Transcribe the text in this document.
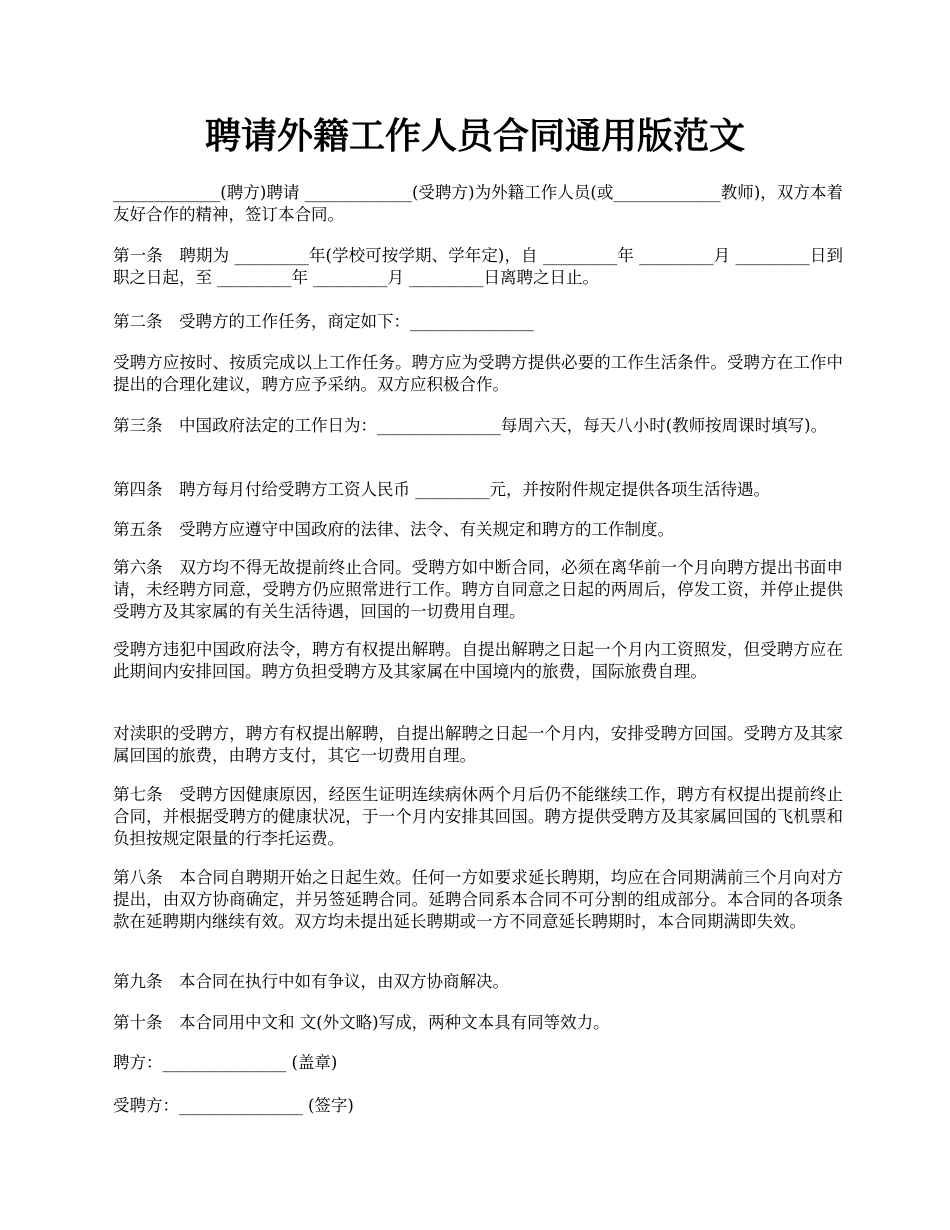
聘请外籍工作人员合同通用版范文

_____________(聘方)聘请 _____________(受聘方)为外籍工作人员(或_____________教师)，双方本着友好合作的精神，签订本合同。

第一条　聘期为 _________年(学校可按学期、学年定)，自 _________年 _________月 _________日到职之日起，至 _________年 _________月 _________日离聘之日止。

第二条　受聘方的工作任务，商定如下：_______________

受聘方应按时、按质完成以上工作任务。聘方应为受聘方提供必要的工作生活条件。受聘方在工作中提出的合理化建议，聘方应予采纳。双方应积极合作。

第三条　中国政府法定的工作日为：_______________每周六天，每天八小时(教师按周课时填写)。

第四条　聘方每月付给受聘方工资人民币 _________元，并按附件规定提供各项生活待遇。

第五条　受聘方应遵守中国政府的法律、法令、有关规定和聘方的工作制度。

第六条　双方均不得无故提前终止合同。受聘方如中断合同，必须在离华前一个月向聘方提出书面申请，未经聘方同意，受聘方仍应照常进行工作。聘方自同意之日起的两周后，停发工资，并停止提供受聘方及其家属的有关生活待遇，回国的一切费用自理。

受聘方违犯中国政府法令，聘方有权提出解聘。自提出解聘之日起一个月内工资照发，但受聘方应在此期间内安排回国。聘方负担受聘方及其家属在中国境内的旅费，国际旅费自理。

对渎职的受聘方，聘方有权提出解聘，自提出解聘之日起一个月内，安排受聘方回国。受聘方及其家属回国的旅费，由聘方支付，其它一切费用自理。

第七条　受聘方因健康原因，经医生证明连续病休两个月后仍不能继续工作，聘方有权提出提前终止合同，并根据受聘方的健康状况，于一个月内安排其回国。聘方提供受聘方及其家属回国的飞机票和负担按规定限量的行李托运费。

第八条　本合同自聘期开始之日起生效。任何一方如要求延长聘期，均应在合同期满前三个月向对方提出，由双方协商确定，并另签延聘合同。延聘合同系本合同不可分割的组成部分。本合同的各项条款在延聘期内继续有效。双方均未提出延长聘期或一方不同意延长聘期时，本合同期满即失效。

第九条　本合同在执行中如有争议，由双方协商解决。

第十条　本合同用中文和 文(外文略)写成，两种文本具有同等效力。

聘方：_______________ (盖章)

受聘方：_______________ (签字)
